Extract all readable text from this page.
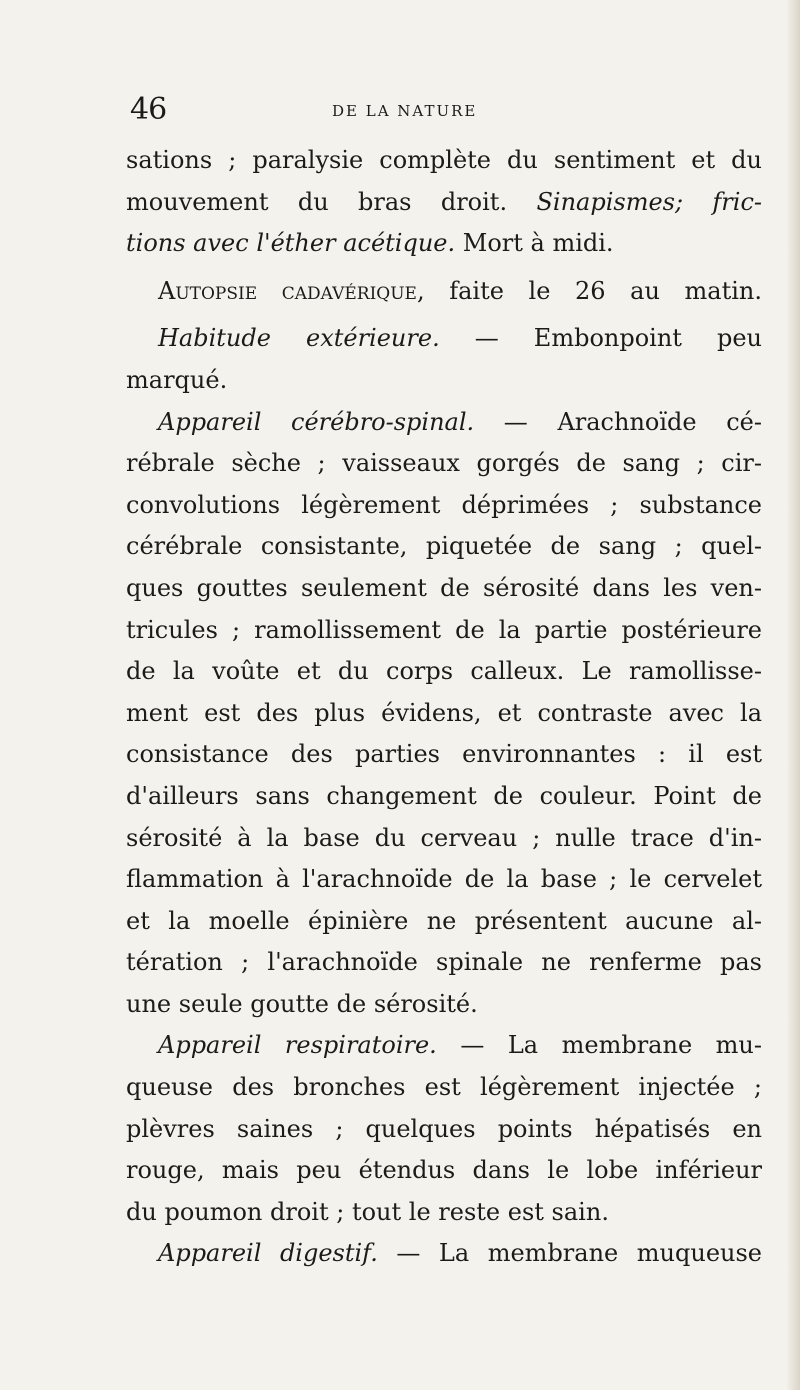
46	DE LA NATURE
sations ; paralysie complète du sentiment et du
mouvement du bras droit. Sinapismes; fric-
tions avec l'éther acétique. Mort à midi.
Autopsie cadavérique, faite le 26 au matin.
Habitude extérieure. — Embonpoint peu
marqué.
Appareil cérébro-spinal. — Arachnoïde cé-
rébrale sèche ; vaisseaux gorgés de sang ; cir-
convolutions légèrement déprimées ; substance
cérébrale consistante, piquetée de sang ; quel-
ques gouttes seulement de sérosité dans les ven-
tricules ; ramollissement de la partie postérieure
de la voûte et du corps calleux. Le ramollisse-
ment est des plus évidens, et contraste avec la
consistance des parties environnantes : il est
d'ailleurs sans changement de couleur. Point de
sérosité à la base du cerveau ; nulle trace d'in-
flammation à l'arachnoïde de la base ; le cervelet
et la moelle épinière ne présentent aucune al-
tération ; l'arachnoïde spinale ne renferme pas
une seule goutte de sérosité.
Appareil respiratoire. — La membrane mu-
queuse des bronches est légèrement injectée ;
plèvres saines ; quelques points hépatisés en
rouge, mais peu étendus dans le lobe inférieur
du poumon droit ; tout le reste est sain.
Appareil digestif. — La membrane muqueuse
